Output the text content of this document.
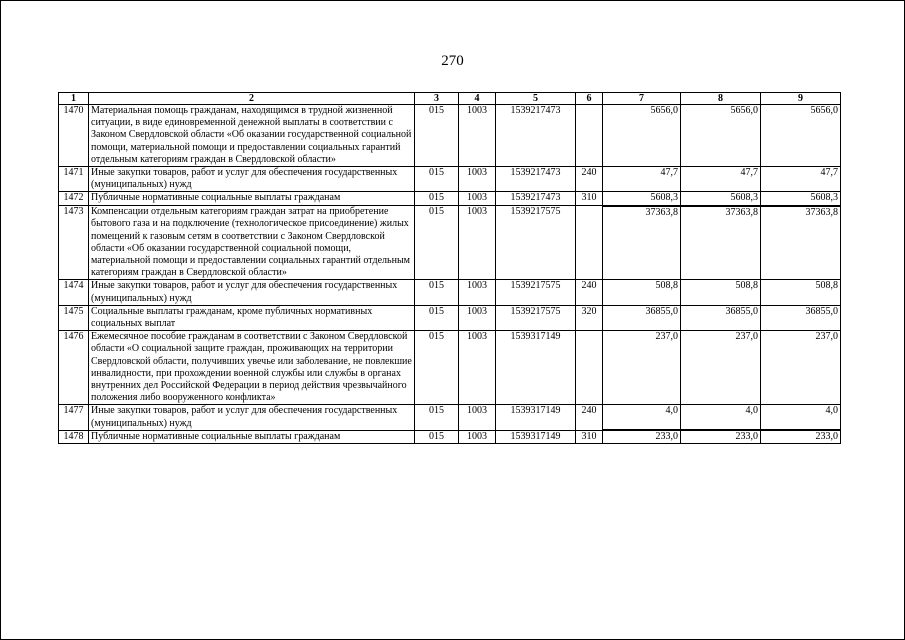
270
1	2	3	4	5	6	7	8	9
1470	Материальная помощь гражданам, находящимся в трудной жизненной ситуации, в виде единовременной денежной выплаты в соответствии с Законом Свердловской области «Об оказании государственной социальной помощи, материальной помощи и предоставлении социальных гарантий отдельным категориям граждан в Свердловской области»	015	1003	1539217473		5656,0	5656,0	5656,0
1471	Иные закупки товаров, работ и услуг для обеспечения государственных (муниципальных) нужд	015	1003	1539217473	240	47,7	47,7	47,7
1472	Публичные нормативные социальные выплаты гражданам	015	1003	1539217473	310	5608,3	5608,3	5608,3
1473	Компенсации отдельным категориям граждан затрат на приобретение бытового газа и на подключение (технологическое присоединение) жилых помещений к газовым сетям в соответствии с Законом Свердловской области «Об оказании государственной социальной помощи, материальной помощи и предоставлении социальных гарантий отдельным категориям граждан в Свердловской области»	015	1003	1539217575		37363,8	37363,8	37363,8
1474	Иные закупки товаров, работ и услуг для обеспечения государственных (муниципальных) нужд	015	1003	1539217575	240	508,8	508,8	508,8
1475	Социальные выплаты гражданам, кроме публичных нормативных социальных выплат	015	1003	1539217575	320	36855,0	36855,0	36855,0
1476	Ежемесячное пособие гражданам в соответствии с Законом Свердловской области «О социальной защите граждан, проживающих на территории Свердловской области, получивших увечье или заболевание, не повлекшие инвалидности, при прохождении военной службы или службы в органах внутренних дел Российской Федерации в период действия чрезвычайного положения либо вооруженного конфликта»	015	1003	1539317149		237,0	237,0	237,0
1477	Иные закупки товаров, работ и услуг для обеспечения государственных (муниципальных) нужд	015	1003	1539317149	240	4,0	4,0	4,0
1478	Публичные нормативные социальные выплаты гражданам	015	1003	1539317149	310	233,0	233,0	233,0
